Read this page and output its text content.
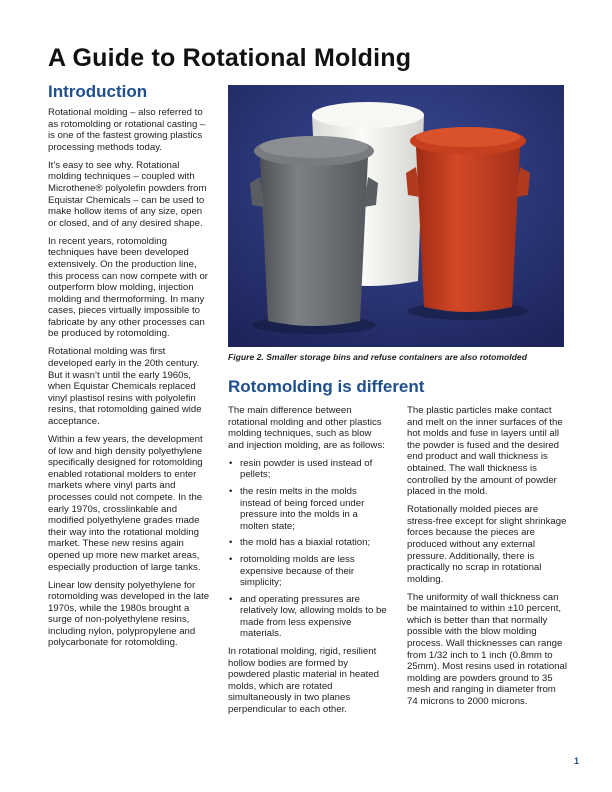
A Guide to Rotational Molding
Introduction

Rotational molding – also referred to as rotomolding or rotational casting – is one of the fastest growing plastics processing methods today.

It’s easy to see why. Rotational molding techniques – coupled with Microthene® polyolefin powders from Equistar Chemicals – can be used to make hollow items of any size, open or closed, and of any desired shape.

In recent years, rotomolding techniques have been developed extensively. On the production line, this process can now compete with or outperform blow molding, injection molding and thermoforming. In many cases, pieces virtually impossible to fabricate by any other processes can be produced by rotomolding.

Rotational molding was first developed early in the 20th century. But it wasn’t until the early 1960s, when Equistar Chemicals replaced vinyl plastisol resins with polyolefin resins, that rotomolding gained wide acceptance.

Within a few years, the development of low and high density polyethylene specifically designed for rotomolding enabled rotational molders to enter markets where vinyl parts and processes could not compete. In the early 1970s, crosslinkable and modified polyethylene grades made their way into the rotational molding market. These new resins again opened up more new market areas, especially production of large tanks.

Linear low density polyethylene for rotomolding was developed in the late 1970s, while the 1980s brought a surge of non-polyethylene resins, including nylon, polypropylene and polycarbonate for rotomolding.

Figure 2. Smaller storage bins and refuse containers are also rotomolded
Rotomolding is different

The main difference between rotational molding and other plastics molding techniques, such as blow and injection molding, are as follows:

• resin powder is used instead of pellets;
• the resin melts in the molds instead of being forced under pressure into the molds in a molten state;
• the mold has a biaxial rotation;
• rotomolding molds are less expensive because of their simplicity;
• and operating pressures are relatively low, allowing molds to be made from less expensive materials.

In rotational molding, rigid, resilient hollow bodies are formed by powdered plastic material in heated molds, which are rotated simultaneously in two planes perpendicular to each other.

The plastic particles make contact and melt on the inner surfaces of the hot molds and fuse in layers until all the powder is fused and the desired end product and wall thickness is obtained. The wall thickness is controlled by the amount of powder placed in the mold.

Rotationally molded pieces are stress-free except for slight shrinkage forces because the pieces are produced without any external pressure. Additionally, there is practically no scrap in rotational molding.

The uniformity of wall thickness can be maintained to within ±10 percent, which is better than that normally possible with the blow molding process. Wall thicknesses can range from 1/32 inch to 1 inch (0.8mm to 25mm). Most resins used in rotational molding are powders ground to 35 mesh and ranging in diameter from 74 microns to 2000 microns.

1
